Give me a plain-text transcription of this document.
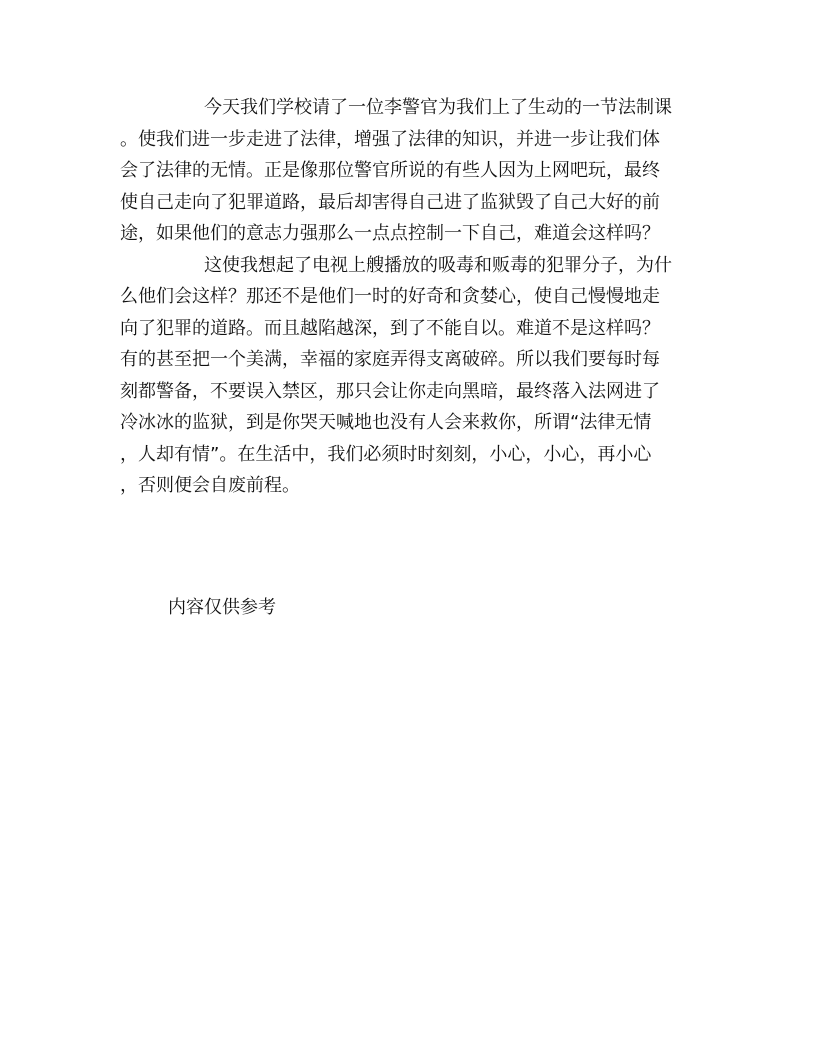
今天我们学校请了一位李警官为我们上了生动的一节法制课
。使我们进一步走进了法律，增强了法律的知识，并进一步让我们体
会了法律的无情。正是像那位警官所说的有些人因为上网吧玩，最终
使自己走向了犯罪道路，最后却害得自己进了监狱毁了自己大好的前
途，如果他们的意志力强那么一点点控制一下自己，难道会这样吗？
这使我想起了电视上艘播放的吸毒和贩毒的犯罪分子，为什
么他们会这样？那还不是他们一时的好奇和贪婪心，使自己慢慢地走
向了犯罪的道路。而且越陷越深，到了不能自以。难道不是这样吗？
有的甚至把一个美满，幸福的家庭弄得支离破碎。所以我们要每时每
刻都警备，不要误入禁区，那只会让你走向黑暗，最终落入法网进了
冷冰冰的监狱，到是你哭天喊地也没有人会来救你，所谓“法律无情
，人却有情”。在生活中，我们必须时时刻刻，小心，小心，再小心
，否则便会自废前程。
内容仅供参考
